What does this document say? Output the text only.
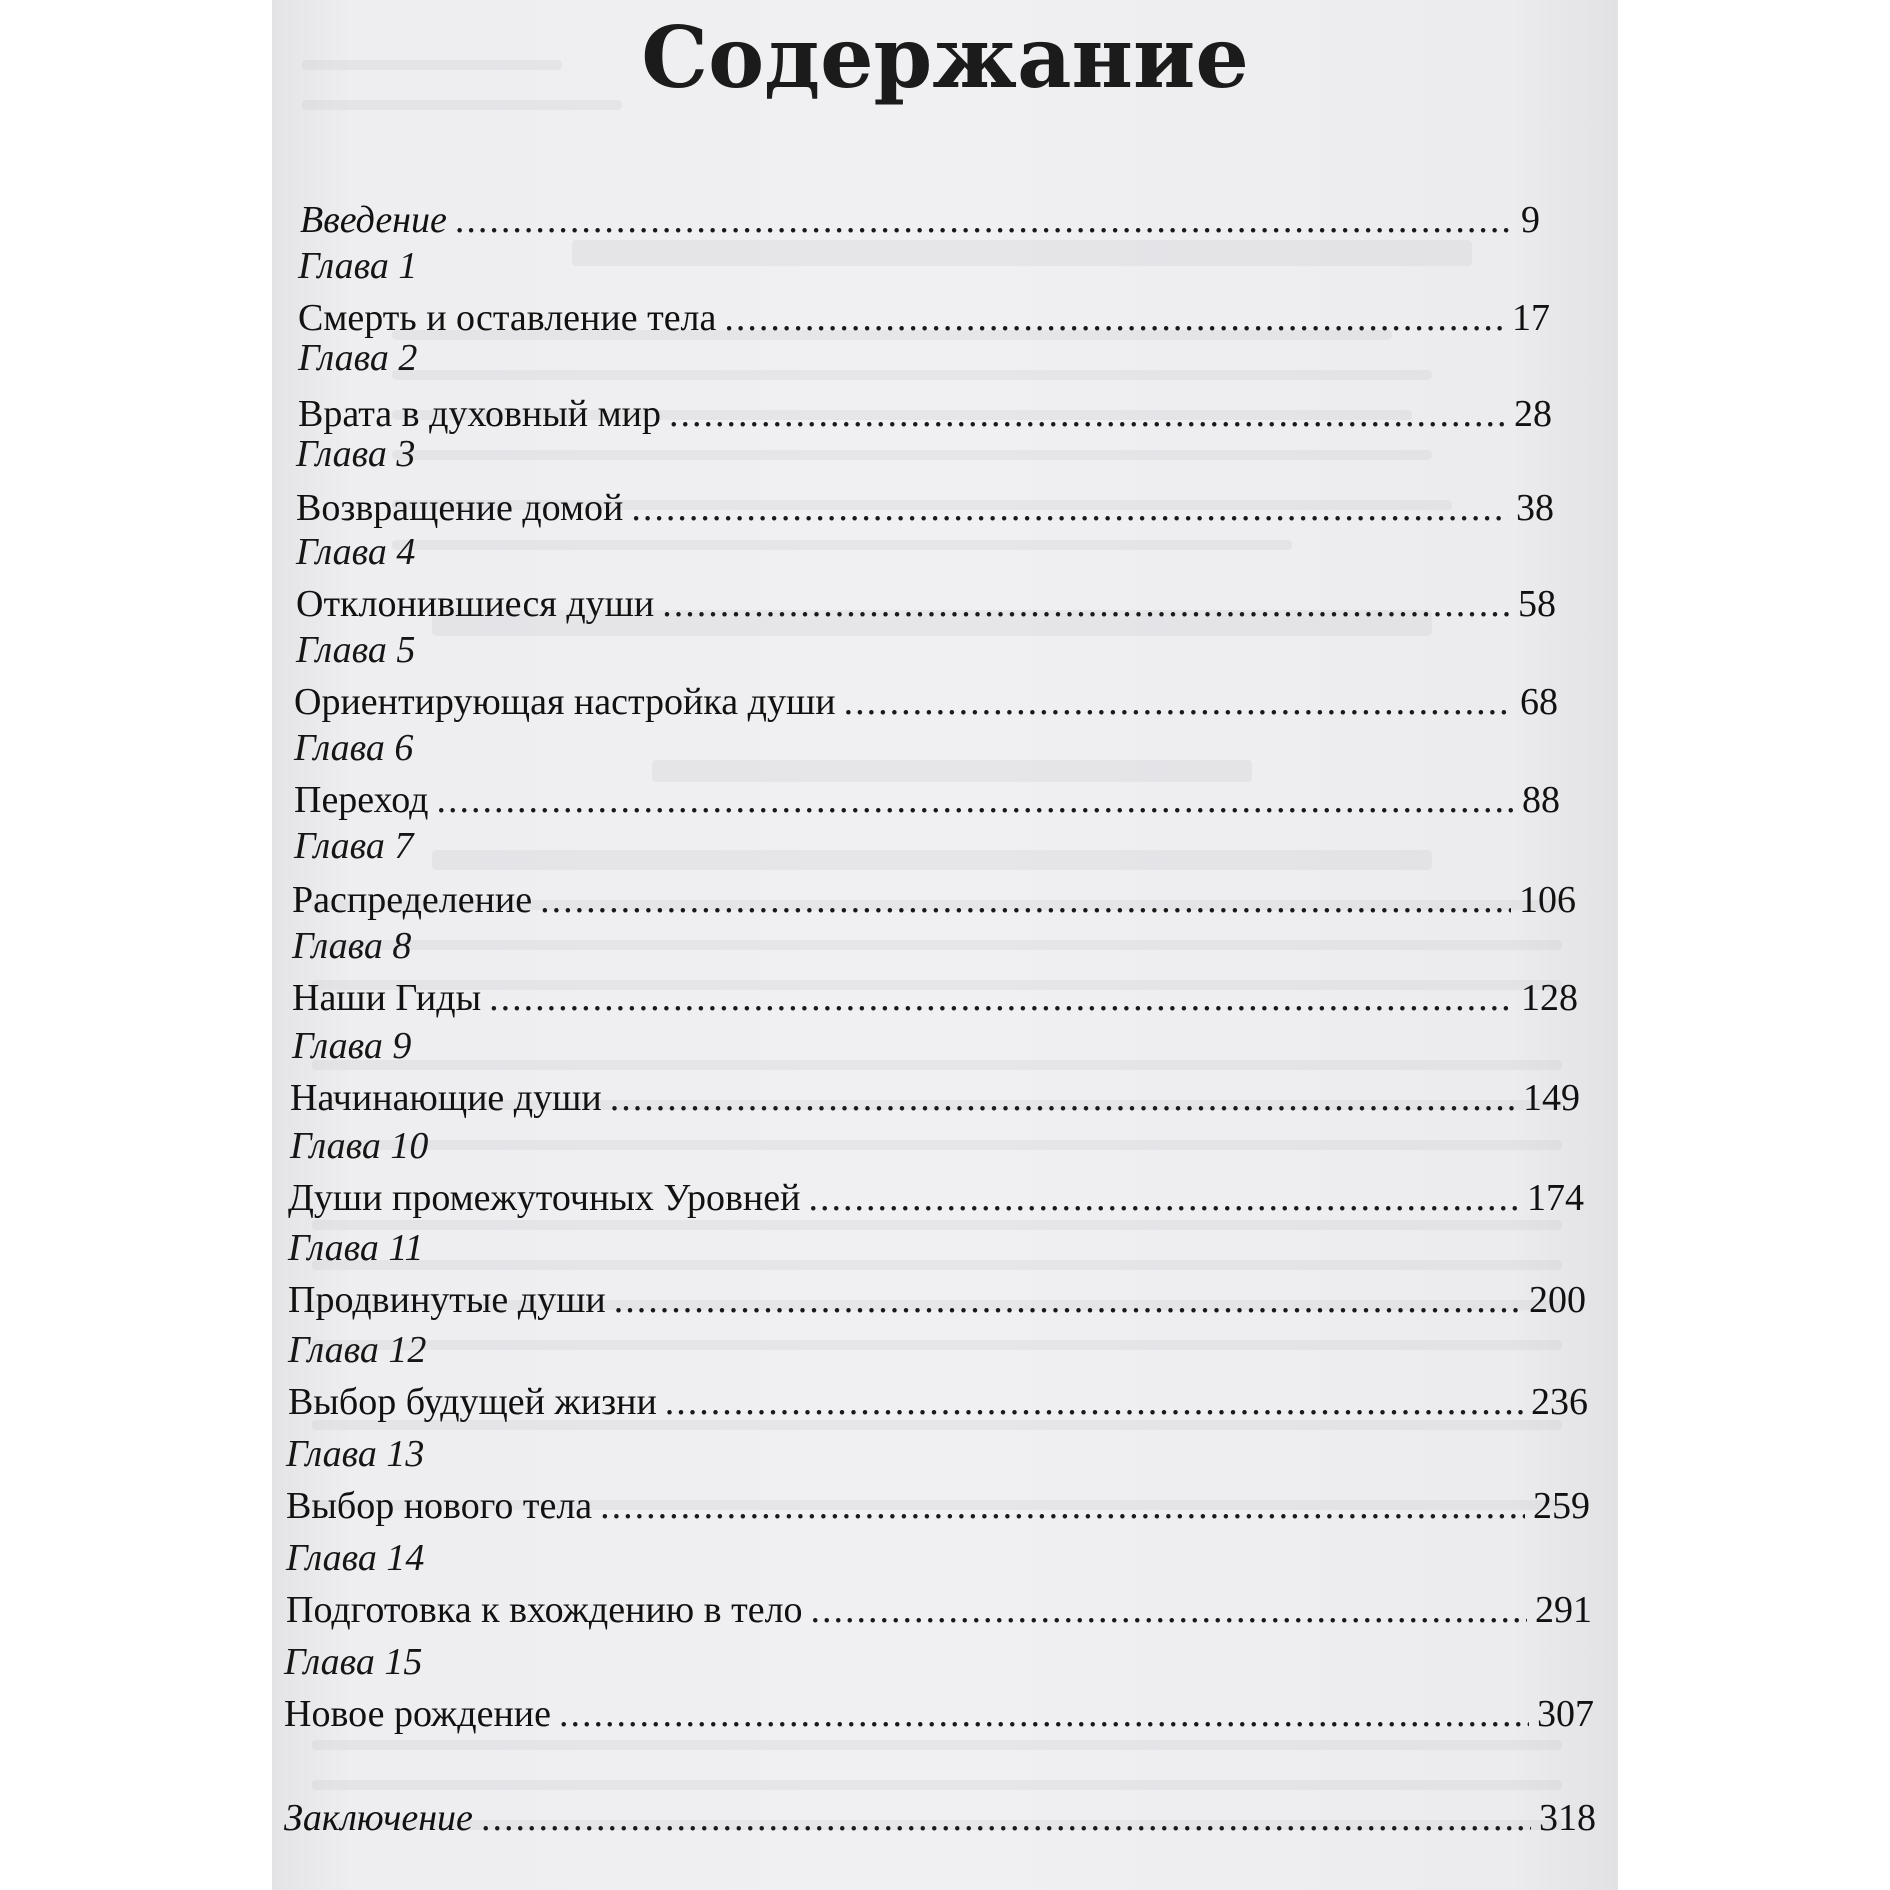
Содержание
Введение .....	9
Глава 1
Смерть и оставление тела .....	17
Глава 2
Врата в духовный мир .....	28
Глава 3
Возвращение домой .....	38
Глава 4
Отклонившиеся души .....	58
Глава 5
Ориентирующая настройка души .....	68
Глава 6
Переход .....	88
Глава 7
Распределение .....	106
Глава 8
Наши Гиды .....	128
Глава 9
Начинающие души .....	149
Глава 10
Души промежуточных Уровней .....	174
Глава 11
Продвинутые души .....	200
Глава 12
Выбор будущей жизни .....	236
Глава 13
Выбор нового тела .....	259
Глава 14
Подготовка к вхождению в тело .....	291
Глава 15
Новое рождение .....	307
Заключение .....	318
